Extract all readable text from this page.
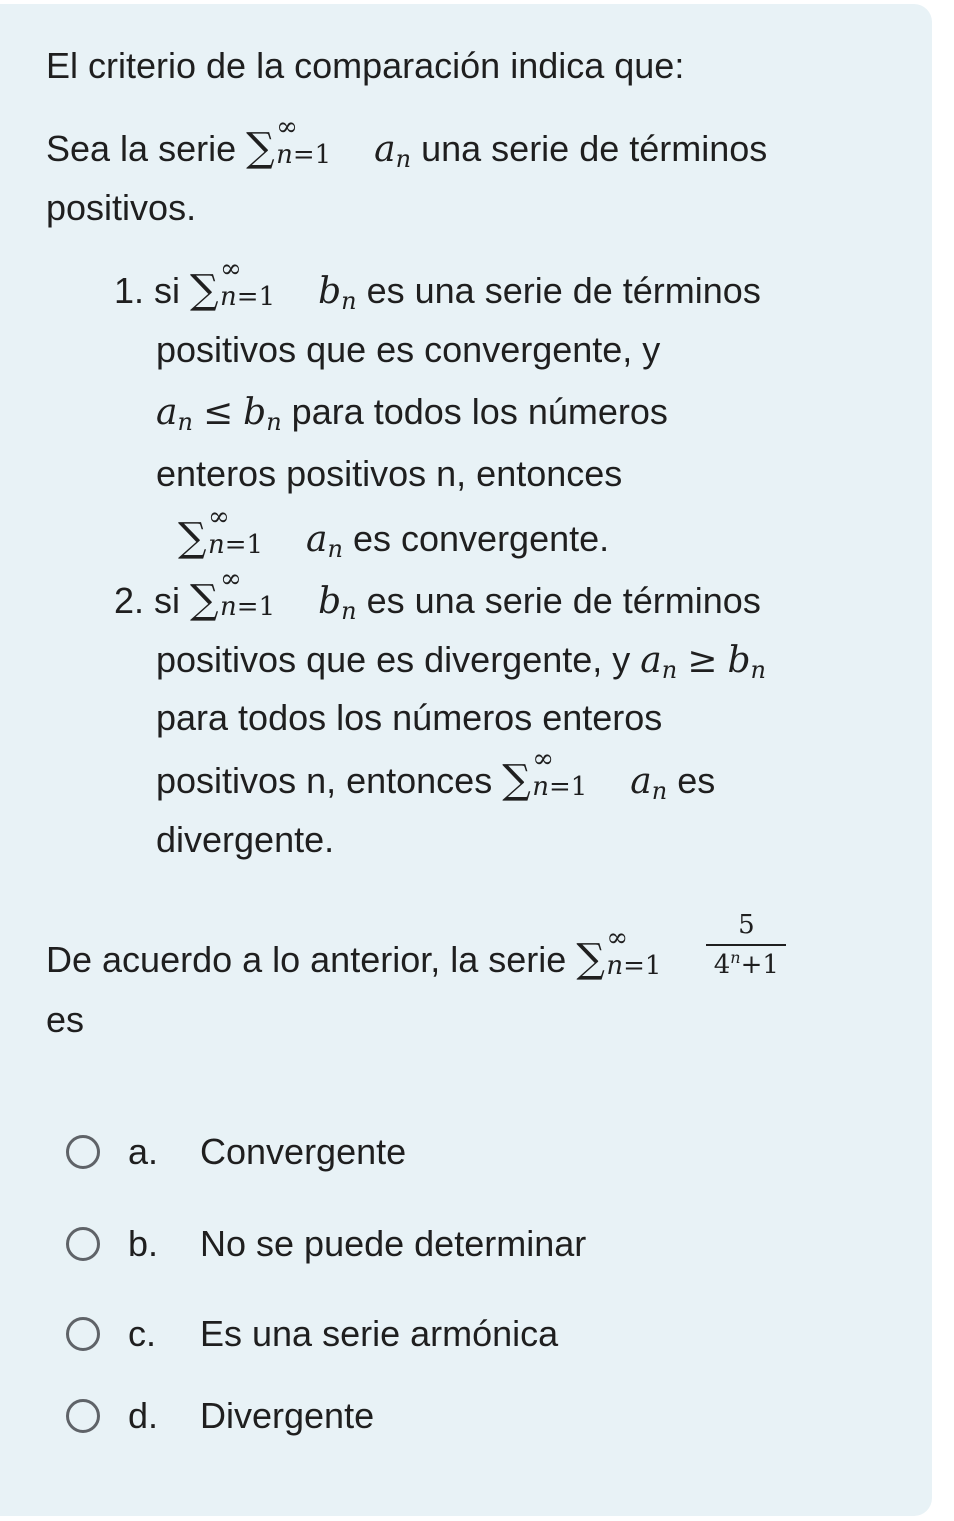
El criterio de la comparación indica que:
Sea la serie ∑ ∞
n=1 $a_n$ una serie de términos
positivos.
1. si ∑ ∞
n=1 $b_n$ es una serie de términos
positivos que es convergente, y
$a_n \le b_n$ para todos los números
enteros positivos n, entonces
∑ ∞
n=1 $a_n$ es convergente.
2. si ∑ ∞
n=1 $b_n$ es una serie de términos
positivos que es divergente, y $a_n \ge b_n$
para todos los números enteros
positivos n, entonces ∑ ∞
n=1 $a_n$ es
divergente.
De acuerdo a lo anterior, la serie ∑ ∞
n=1
$\frac{5}{4^n+1}$
es
a. Convergente
b. No se puede determinar
c. Es una serie armónica
d. Divergente
